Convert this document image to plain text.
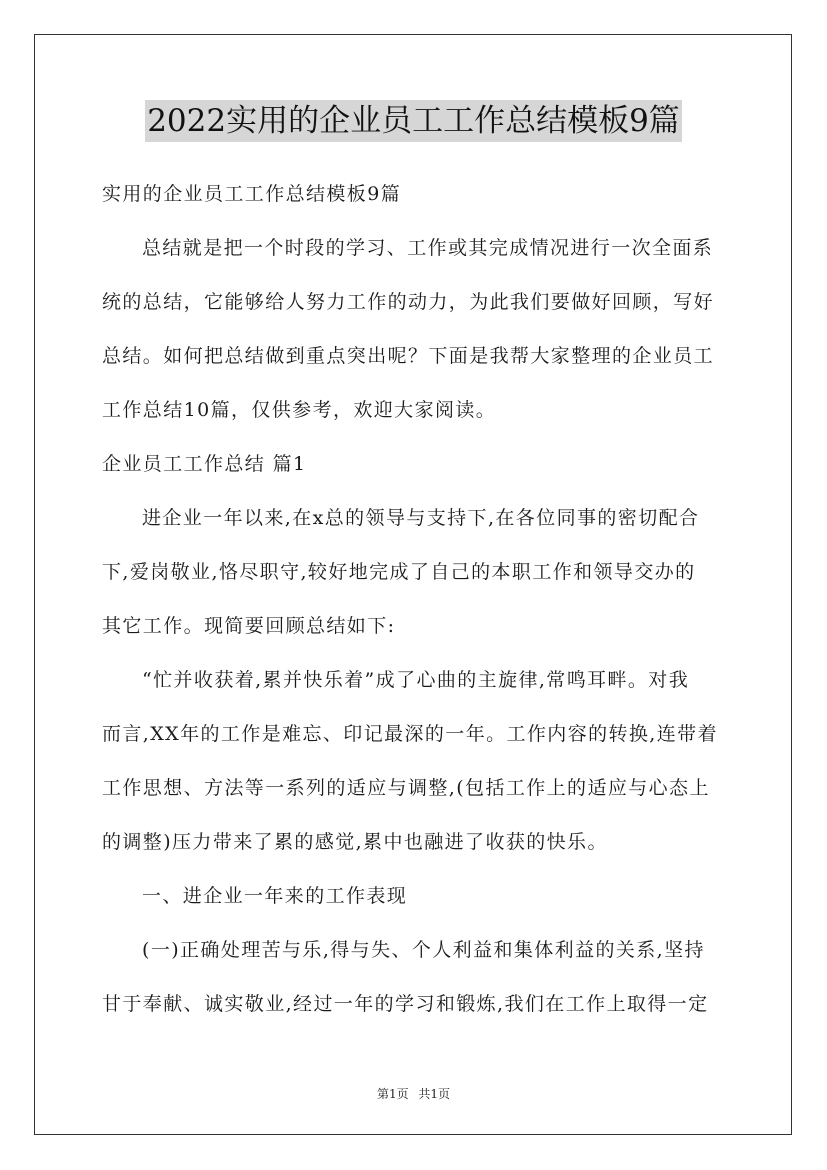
2022实用的企业员工工作总结模板9篇
实用的企业员工工作总结模板9篇
总结就是把一个时段的学习、工作或其完成情况进行一次全面系
统的总结，它能够给人努力工作的动力，为此我们要做好回顾，写好
总结。如何把总结做到重点突出呢？下面是我帮大家整理的企业员工
工作总结10篇，仅供参考，欢迎大家阅读。
企业员工工作总结 篇1
进企业一年以来,在x总的领导与支持下,在各位同事的密切配合
下,爱岗敬业,恪尽职守,较好地完成了自己的本职工作和领导交办的
其它工作。现简要回顾总结如下:
“忙并收获着,累并快乐着”成了心曲的主旋律,常鸣耳畔。对我
而言,XX年的工作是难忘、印记最深的一年。工作内容的转换,连带着
工作思想、方法等一系列的适应与调整,(包括工作上的适应与心态上
的调整)压力带来了累的感觉,累中也融进了收获的快乐。
一、进企业一年来的工作表现
(一)正确处理苦与乐,得与失、个人利益和集体利益的关系,坚持
甘于奉献、诚实敬业,经过一年的学习和锻炼,我们在工作上取得一定
第1页 共1页
